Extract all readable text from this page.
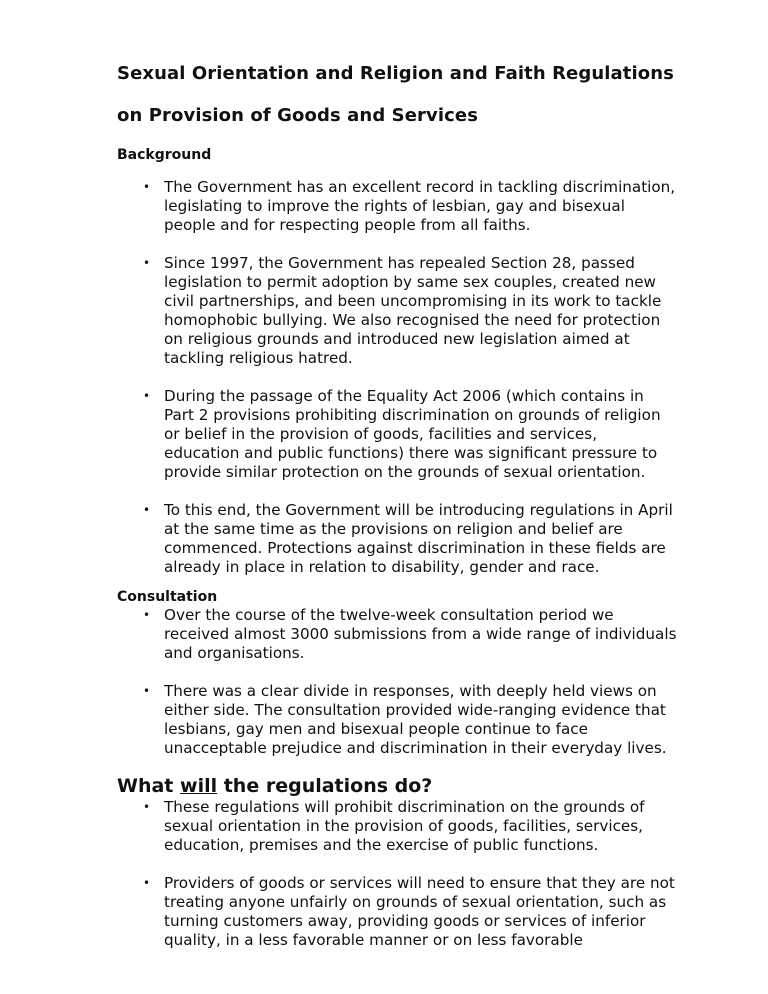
Sexual Orientation and Religion and Faith Regulations
on Provision of Goods and Services
Background
• The Government has an excellent record in tackling discrimination, legislating to improve the rights of lesbian, gay and bisexual people and for respecting people from all faiths.
• Since 1997, the Government has repealed Section 28, passed legislation to permit adoption by same sex couples, created new civil partnerships, and been uncompromising in its work to tackle homophobic bullying. We also recognised the need for protection on religious grounds and introduced new legislation aimed at tackling religious hatred.
• During the passage of the Equality Act 2006 (which contains in Part 2 provisions prohibiting discrimination on grounds of religion or belief in the provision of goods, facilities and services, education and public functions) there was significant pressure to provide similar protection on the grounds of sexual orientation.
• To this end, the Government will be introducing regulations in April at the same time as the provisions on religion and belief are commenced. Protections against discrimination in these fields are already in place in relation to disability, gender and race.
Consultation
• Over the course of the twelve-week consultation period we received almost 3000 submissions from a wide range of individuals and organisations.
• There was a clear divide in responses, with deeply held views on either side. The consultation provided wide-ranging evidence that lesbians, gay men and bisexual people continue to face unacceptable prejudice and discrimination in their everyday lives.
What will the regulations do?
• These regulations will prohibit discrimination on the grounds of sexual orientation in the provision of goods, facilities, services, education, premises and the exercise of public functions.
• Providers of goods or services will need to ensure that they are not treating anyone unfairly on grounds of sexual orientation, such as turning customers away, providing goods or services of inferior quality, in a less favorable manner or on less favorable
